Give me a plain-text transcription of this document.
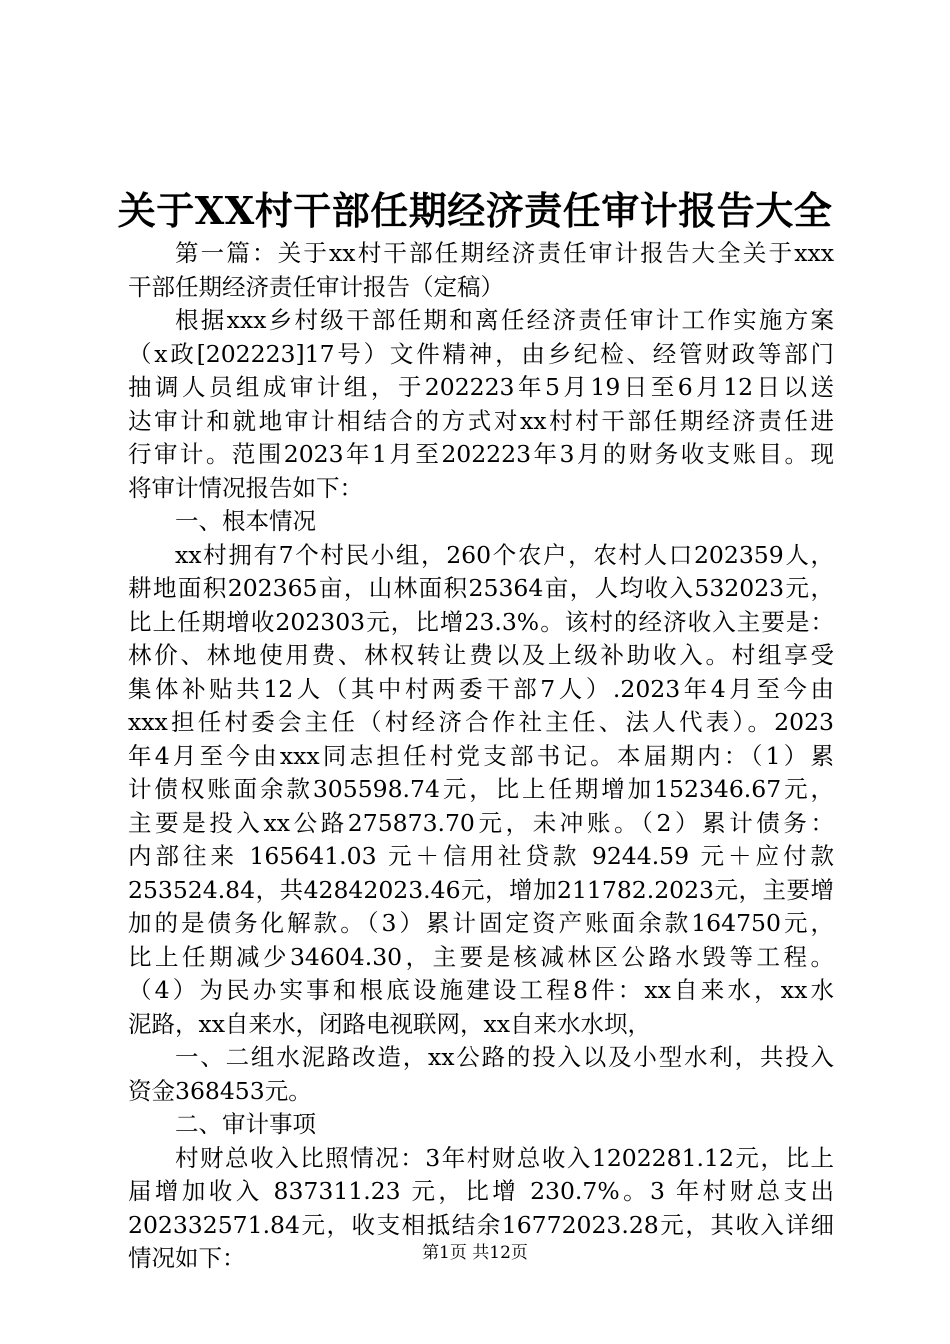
关于XX村干部任期经济责任审计报告大全
第一篇：关于xx村干部任期经济责任审计报告大全关于xxx
干部任期经济责任审计报告（定稿）
根据xxx乡村级干部任期和离任经济责任审计工作实施方案
（x政[202223]17号）文件精神，由乡纪检、经管财政等部门
抽调人员组成审计组，于202223年5月19日至6月12日以送
达审计和就地审计相结合的方式对xx村村干部任期经济责任进
行审计。范围2023年1月至202223年3月的财务收支账目。现
将审计情况报告如下：
一、根本情况
xx村拥有7个村民小组，260个农户，农村人口202359人，
耕地面积202365亩，山林面积25364亩，人均收入532023元，
比上任期增收202303元，比增23.3%。该村的经济收入主要是：
林价、林地使用费、林权转让费以及上级补助收入。村组享受
集体补贴共12人（其中村两委干部7人）.2023年4月至今由
xxx担任村委会主任（村经济合作社主任、法人代表）。2023
年4月至今由xxx同志担任村党支部书记。本届期内：（1）累
计债权账面余款305598.74元，比上任期增加152346.67元，
主要是投入xx公路275873.70元，未冲账。（2）累计债务：
内部往来 165641.03 元＋信用社贷款 9244.59 元＋应付款
253524.84，共42842023.46元，增加211782.2023元，主要增
加的是债务化解款。（3）累计固定资产账面余款164750元，
比上任期减少34604.30，主要是核减林区公路水毁等工程。
（4）为民办实事和根底设施建设工程8件：xx自来水，xx水
泥路，xx自来水，闭路电视联网，xx自来水水坝，
一、二组水泥路改造，xx公路的投入以及小型水利，共投入
资金368453元。
二、审计事项
村财总收入比照情况：3年村财总收入1202281.12元，比上
届增加收入 837311.23 元，比增 230.7%。3 年村财总支出
202332571.84元，收支相抵结余16772023.28元，其收入详细
情况如下：	第1页 共12页
